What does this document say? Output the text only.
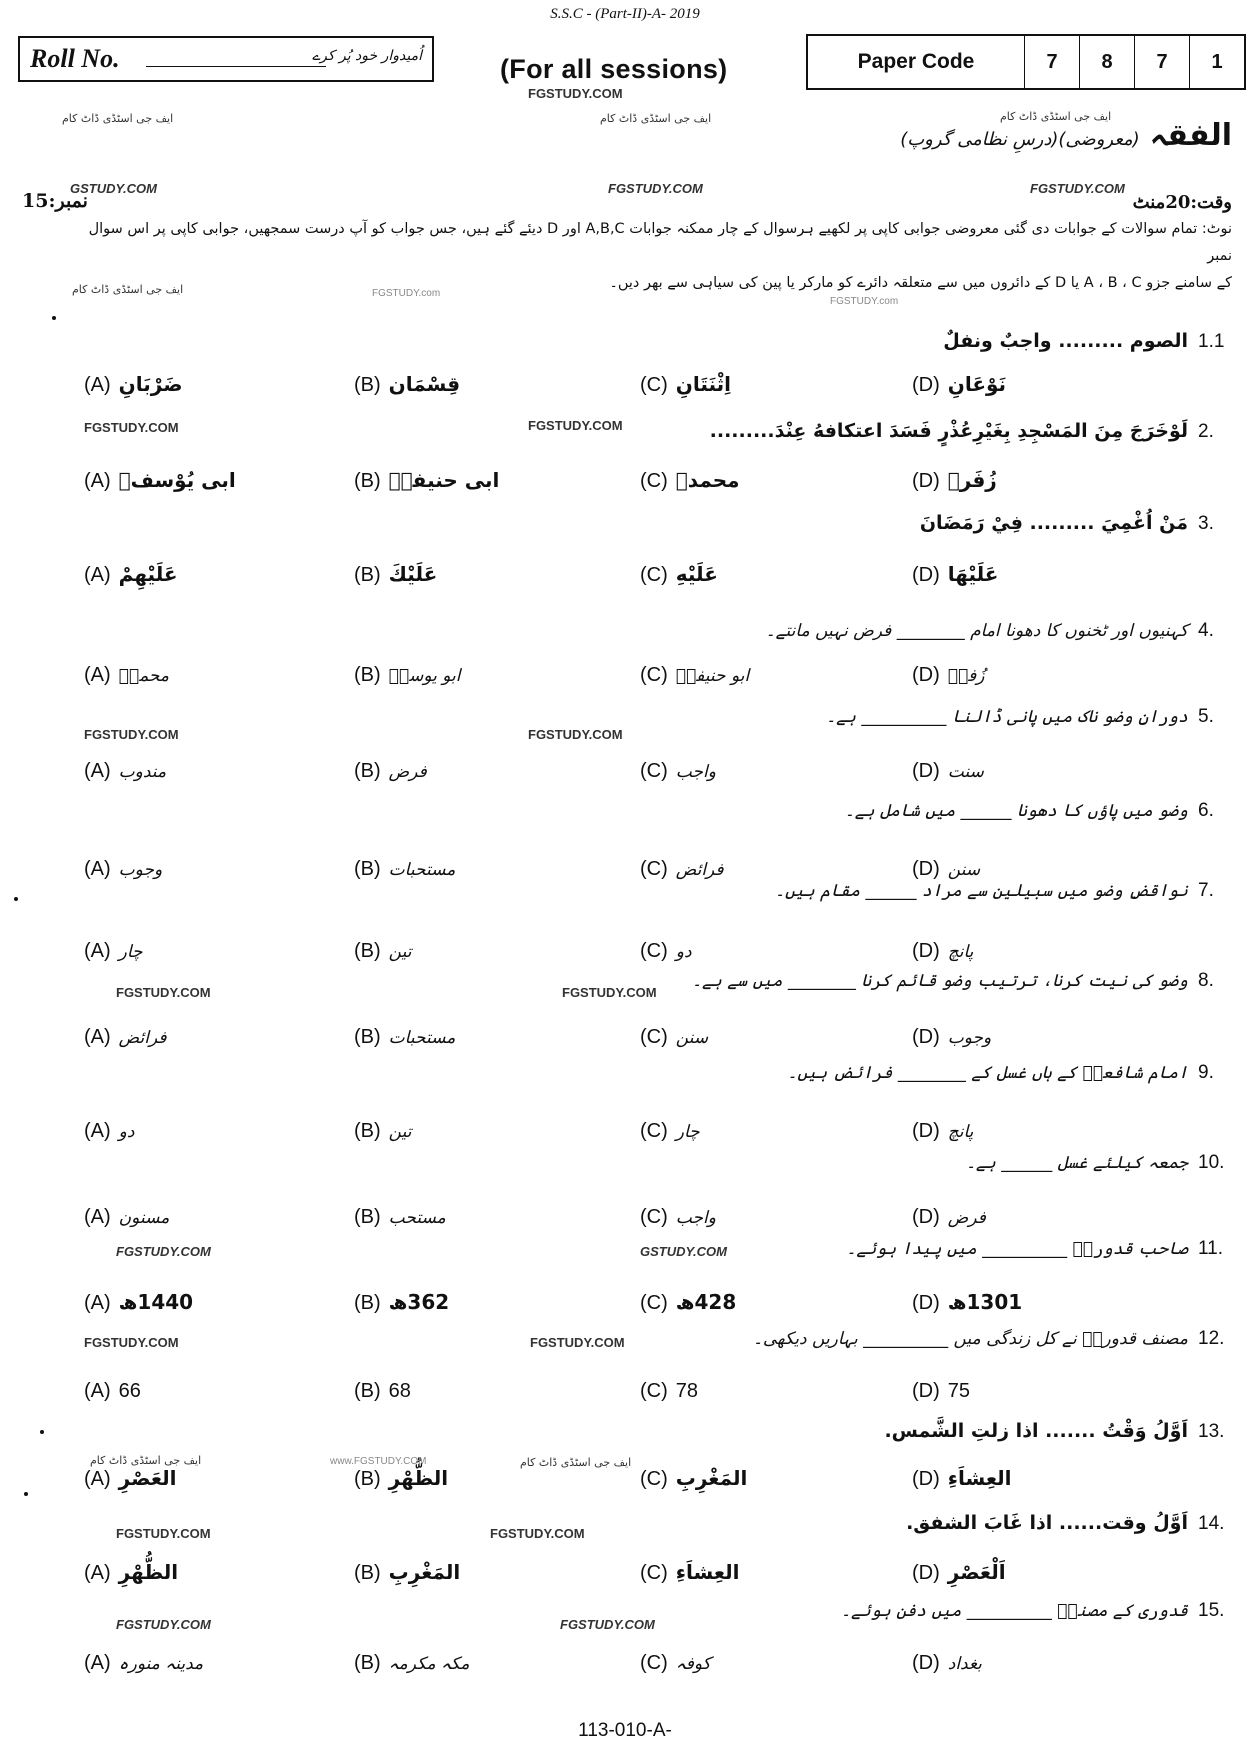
S.S.C - (Part-II)-A- 2019
Roll No.	اُمیدوار خود پُر کرے	(For all sessions)
FGSTUDY.COM
Paper Code	7	8	7	1
ایف جی اسٹڈی ڈاٹ کام	ایف جی اسٹڈی ڈاٹ کام	ایف جی اسٹڈی ڈاٹ کام
الفقہ
(معروضی)(درسِ نظامی گروپ)
GSTUDY.COM	FGSTUDY.COM	FGSTUDY.COM
وقت:20منٹ
نمبر:15
نوٹ: تمام سوالات کے جوابات دی گئی معروضی جوابی کاپی پر لکھیے ہرسوال کے چار ممکنہ جوابات A,B,C اور D دیئے گئے ہیں، جس جواب کو آپ درست سمجھیں، جوابی کاپی پر اس سوال نمبر
کے سامنے جزو A ، B ، C یا D کے دائروں میں سے متعلقہ دائرے کو مارکر یا پین کی سیاہی سے بھر دیں۔
ایف جی اسٹڈی ڈاٹ کام	FGSTUDY.com
FGSTUDY.com
1.1
الصوم ......... واجبٌ ونفلٌ
(A) ضَرْبَانِ	(B) قِسْمَان	(C) اِثْنَتَانِ	(D) نَوْعَانِ
2.
لَوْخَرَجَ مِنَ المَسْجِدِ بِغَيْرِعُذْرٍ فَسَدَ اعتكافهُ عِنْدَ.........
(A) ابی یُوْسفؒ	(B) ابی حنیفہؒ	(C) محمدؒ	(D) زُفَرؒ
3.
مَنْ اُغْمِيَ ......... فِيْ رَمَضَانَ
(A) عَلَيْهِمْ	(B) عَلَيْكَ	(C) عَلَيْهِ	(D) عَلَيْهَا
4.
کہنیوں اور ٹخنوں کا دھونا امام ________ فرض نہیں مانتے۔
(A) محمدؒ	(B) ابو یوسفؒ	(C) ابو حنیفہؒ	(D) زُفرؒ
5.
دورانِ وضو ناک میں پانی ڈالنا __________ ہے۔
(A) مندوب	(B) فرض	(C) واجب	(D) سنت
6.
وضو میں پاؤں کا دھونا ______ میں شامل ہے۔
(A) وجوب	(B) مستحبات	(C) فرائض	(D) سنن
7.
نواقضِ وضو میں سبیلین سے مراد ______ مقام ہیں۔
(A) چار	(B) تین	(C) دو	(D) پانچ
8.
وضو کی نیت کرنا، ترتیب وضو قائم کرنا ________ میں سے ہے۔
(A) فرائض	(B) مستحبات	(C) سنن	(D) وجوب
9.
امام شافعیؒ کے ہاں غسل کے ________ فرائض ہیں۔
(A) دو	(B) تین	(C) چار	(D) پانچ
10.
جمعہ کیلئے غسل ______ ہے۔
(A) مسنون	(B) مستحب	(C) واجب	(D) فرض
11.
صاحب قدوریؒ __________ میں پیدا ہوئے۔
(A) 1440ھ	(B) 362ھ	(C) 428ھ	(D) 1301ھ
12.
مصنف قدوریؒ نے کل زندگی میں __________ بہاریں دیکھی۔
(A) 66	(B) 68	(C) 78	(D) 75
13.
اَوَّلُ وَقْتُ ....... اذا زلتِ الشَّمس.
(A) العَصْرِ	(B) الظُّهْرِ	(C) المَغْرِبِ	(D) العِشاَءِ
14.
اَوَّلُ وقت...... اذا غَابَ الشفق.
(A) الظُّهْرِ	(B) المَغْرِبِ	(C) العِشاَءِ	(D) اَلْعَصْرِ
15.
قدوری کے مصنفؒ __________ میں دفن ہوئے۔
(A) مدینہ منورہ	(B) مکہ مکرمہ	(C) کوفہ	(D) بغداد
FGSTUDY.COM	FGSTUDY.COM
FGSTUDY.COM	FGSTUDY.COM
FGSTUDY.COM	FGSTUDY.COM
FGSTUDY.COM	GSTUDY.COM
FGSTUDY.COM	FGSTUDY.COM
FGSTUDY.COM	FGSTUDY.COM
FGSTUDY.COM	FGSTUDY.COM
ایف جی اسٹڈی ڈاٹ کام	www.FGSTUDY.COM	ایف جی اسٹڈی ڈاٹ کام
113-010-A-
